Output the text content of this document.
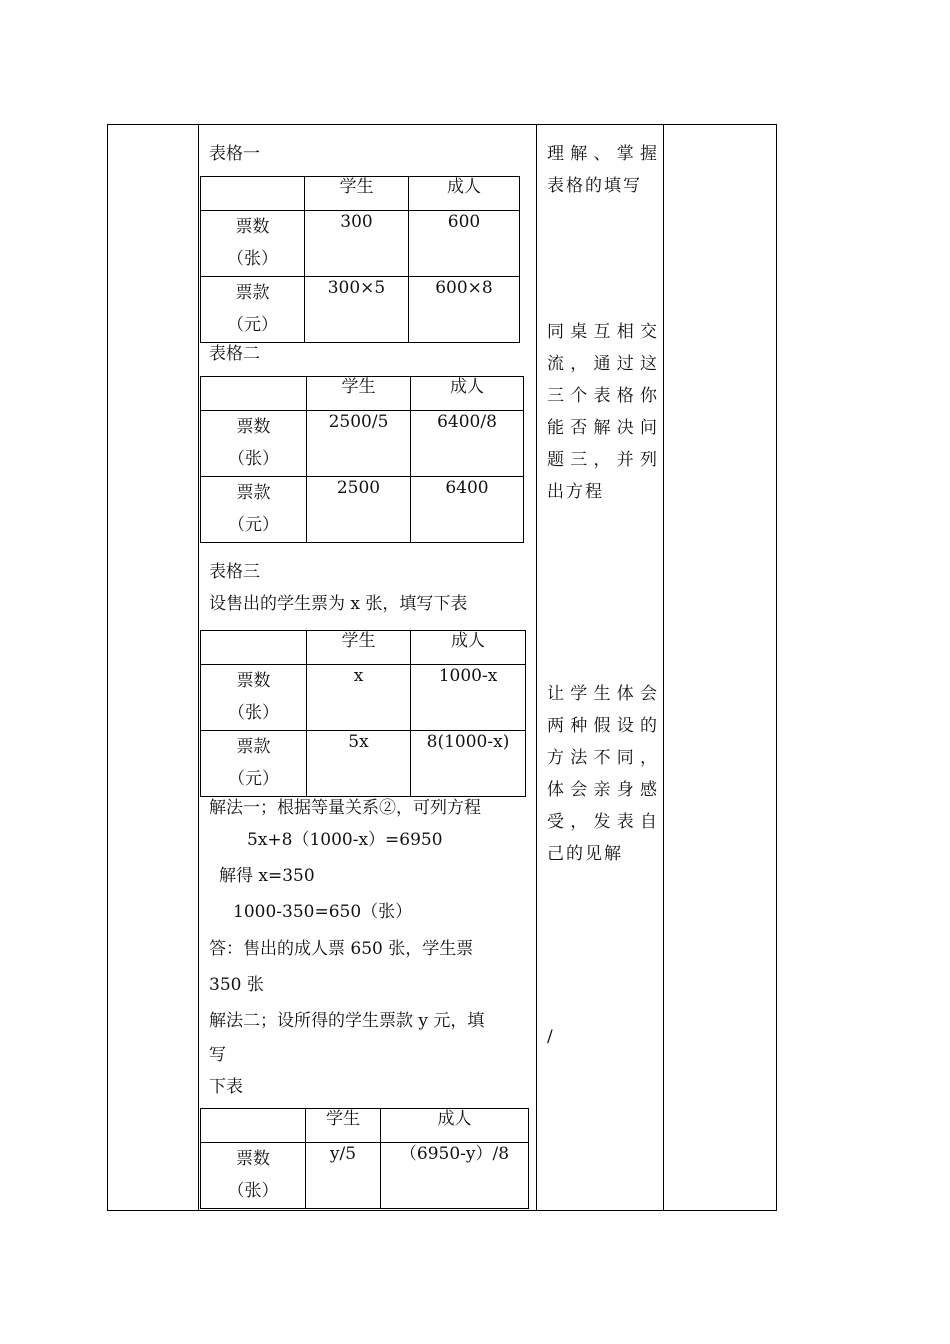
表格一
	学生	成人

票数
（张）	300	600

票款
（元）	300×5	600×8
表格二
	学生	成人

票数
（张）	2500/5	6400/8

票款
（元）	2500	6400
表格三
设售出的学生票为 x 张，填写下表
	学生	成人

票数
（张）	x	1000-x

票款
（元）	5x	8(1000-x)
解法一；根据等量关系②，可列方程
5x+8（1000-x）=6950
解得 x=350
1000-350=650（张）
答：售出的成人票 650 张，学生票
350 张
解法二；设所得的学生票款 y 元，填
写
下表
	学生	成人

票数
（张）	y/5	（6950-y）/8
理解、掌握表格的填写
同桌互相交流，通过这三个表格你能否解决问题三，并列出方程
让学生体会两种假设的方法不同，体会亲身感受，发表自己的见解
/
